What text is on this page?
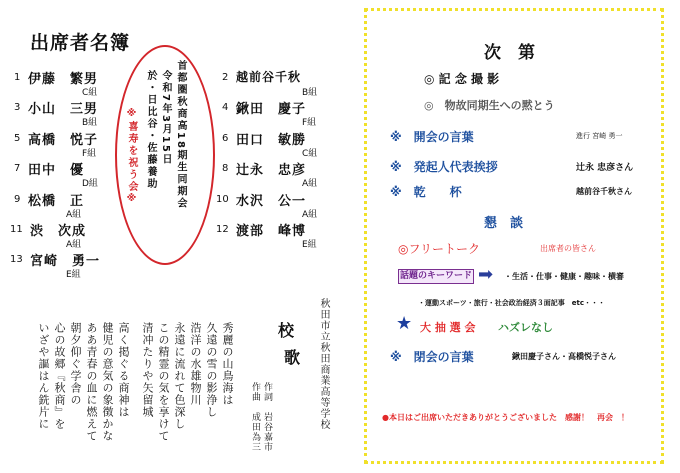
出席者名簿
1 伊藤　繁男
C組
3 小山　三男
B組
5 高橋　悦子
F組
7 田中　優
D組
9 松橋　正
A組
11 渋　次成
A組
13 宮崎　勇一
E組
首都圏秋商高18期生同期会
令和7年3月15日
於・日比谷・佐藤養助
※喜寿を祝う会※
2 越前谷千秋
B組
4 鍬田　慶子
F組
6 田口　敏勝
C組
8 辻永　忠彦
A組
10 水沢　公一
A組
12 渡部　峰博
E組
秋田市立秋田商業高等学校
校
歌
作詞　岩谷嘉市
作曲　成田為三
秀麗の山鳥海は
久遠の雪の影浄し
浩洋の水雄物川
永遠に流れて色深し
この精霊の気を享けて
清冲たりや矢留城
高く掲ぐる商神は
健児の意気の象徴かな
ああ青春の血に燃えて
朝夕仰ぐ学舎の
心の故郷『秋商』を
いざや謳はん銑片に
次　第
◎ 記 念 撮 影
◎　物故同期生への黙とう
※　開会の言葉	進行 宮崎 勇一
※　発起人代表挨拶	辻永 忠彦さん
※　乾　　杯	越前谷千秋さん
懇　談
◎フリートーク	出席者の皆さん
話題のキーワード ➡ ・生活・仕事・健康・趣味・横審
・運動スポーツ・旅行・社会政治経済３面記事　etc・・・
★ 大 抽 選 会 ハズレなし
※　閉会の言葉	鍬田慶子さん・高橋悦子さん
●本日はご出席いただきありがとうございました　感謝！　再会　！
